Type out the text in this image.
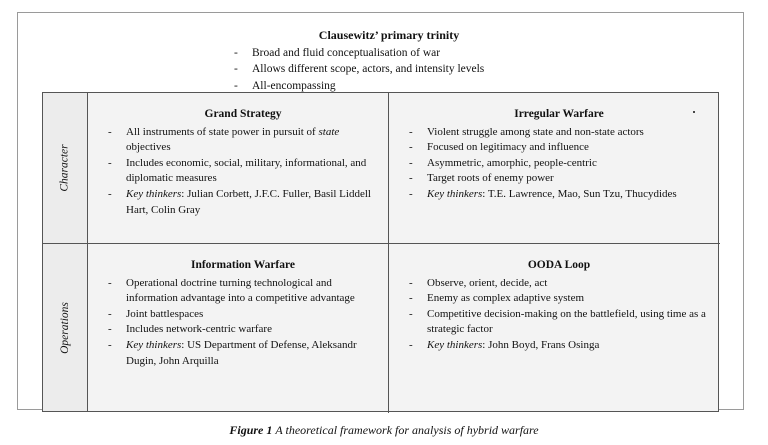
Clausewitz’ primary trinity
- Broad and fluid conceptualisation of war
- Allows different scope, actors, and intensity levels
- All-encompassing
Character
Operations
Grand Strategy
- All instruments of state power in pursuit of state objectives
- Includes economic, social, military, informational, and diplomatic measures
- Key thinkers: Julian Corbett, J.F.C. Fuller, Basil Liddell Hart, Colin Gray
Irregular Warfare
- Violent struggle among state and non-state actors
- Focused on legitimacy and influence
- Asymmetric, amorphic, people-centric
- Target roots of enemy power
- Key thinkers: T.E. Lawrence, Mao, Sun Tzu, Thucydides
Information Warfare
- Operational doctrine turning technological and information advantage into a competitive advantage
- Joint battlespaces
- Includes network-centric warfare
- Key thinkers: US Department of Defense, Aleksandr Dugin, John Arquilla
OODA Loop
- Observe, orient, decide, act
- Enemy as complex adaptive system
- Competitive decision-making on the battlefield, using time as a strategic factor
- Key thinkers: John Boyd, Frans Osinga
Figure 1 A theoretical framework for analysis of hybrid warfare
